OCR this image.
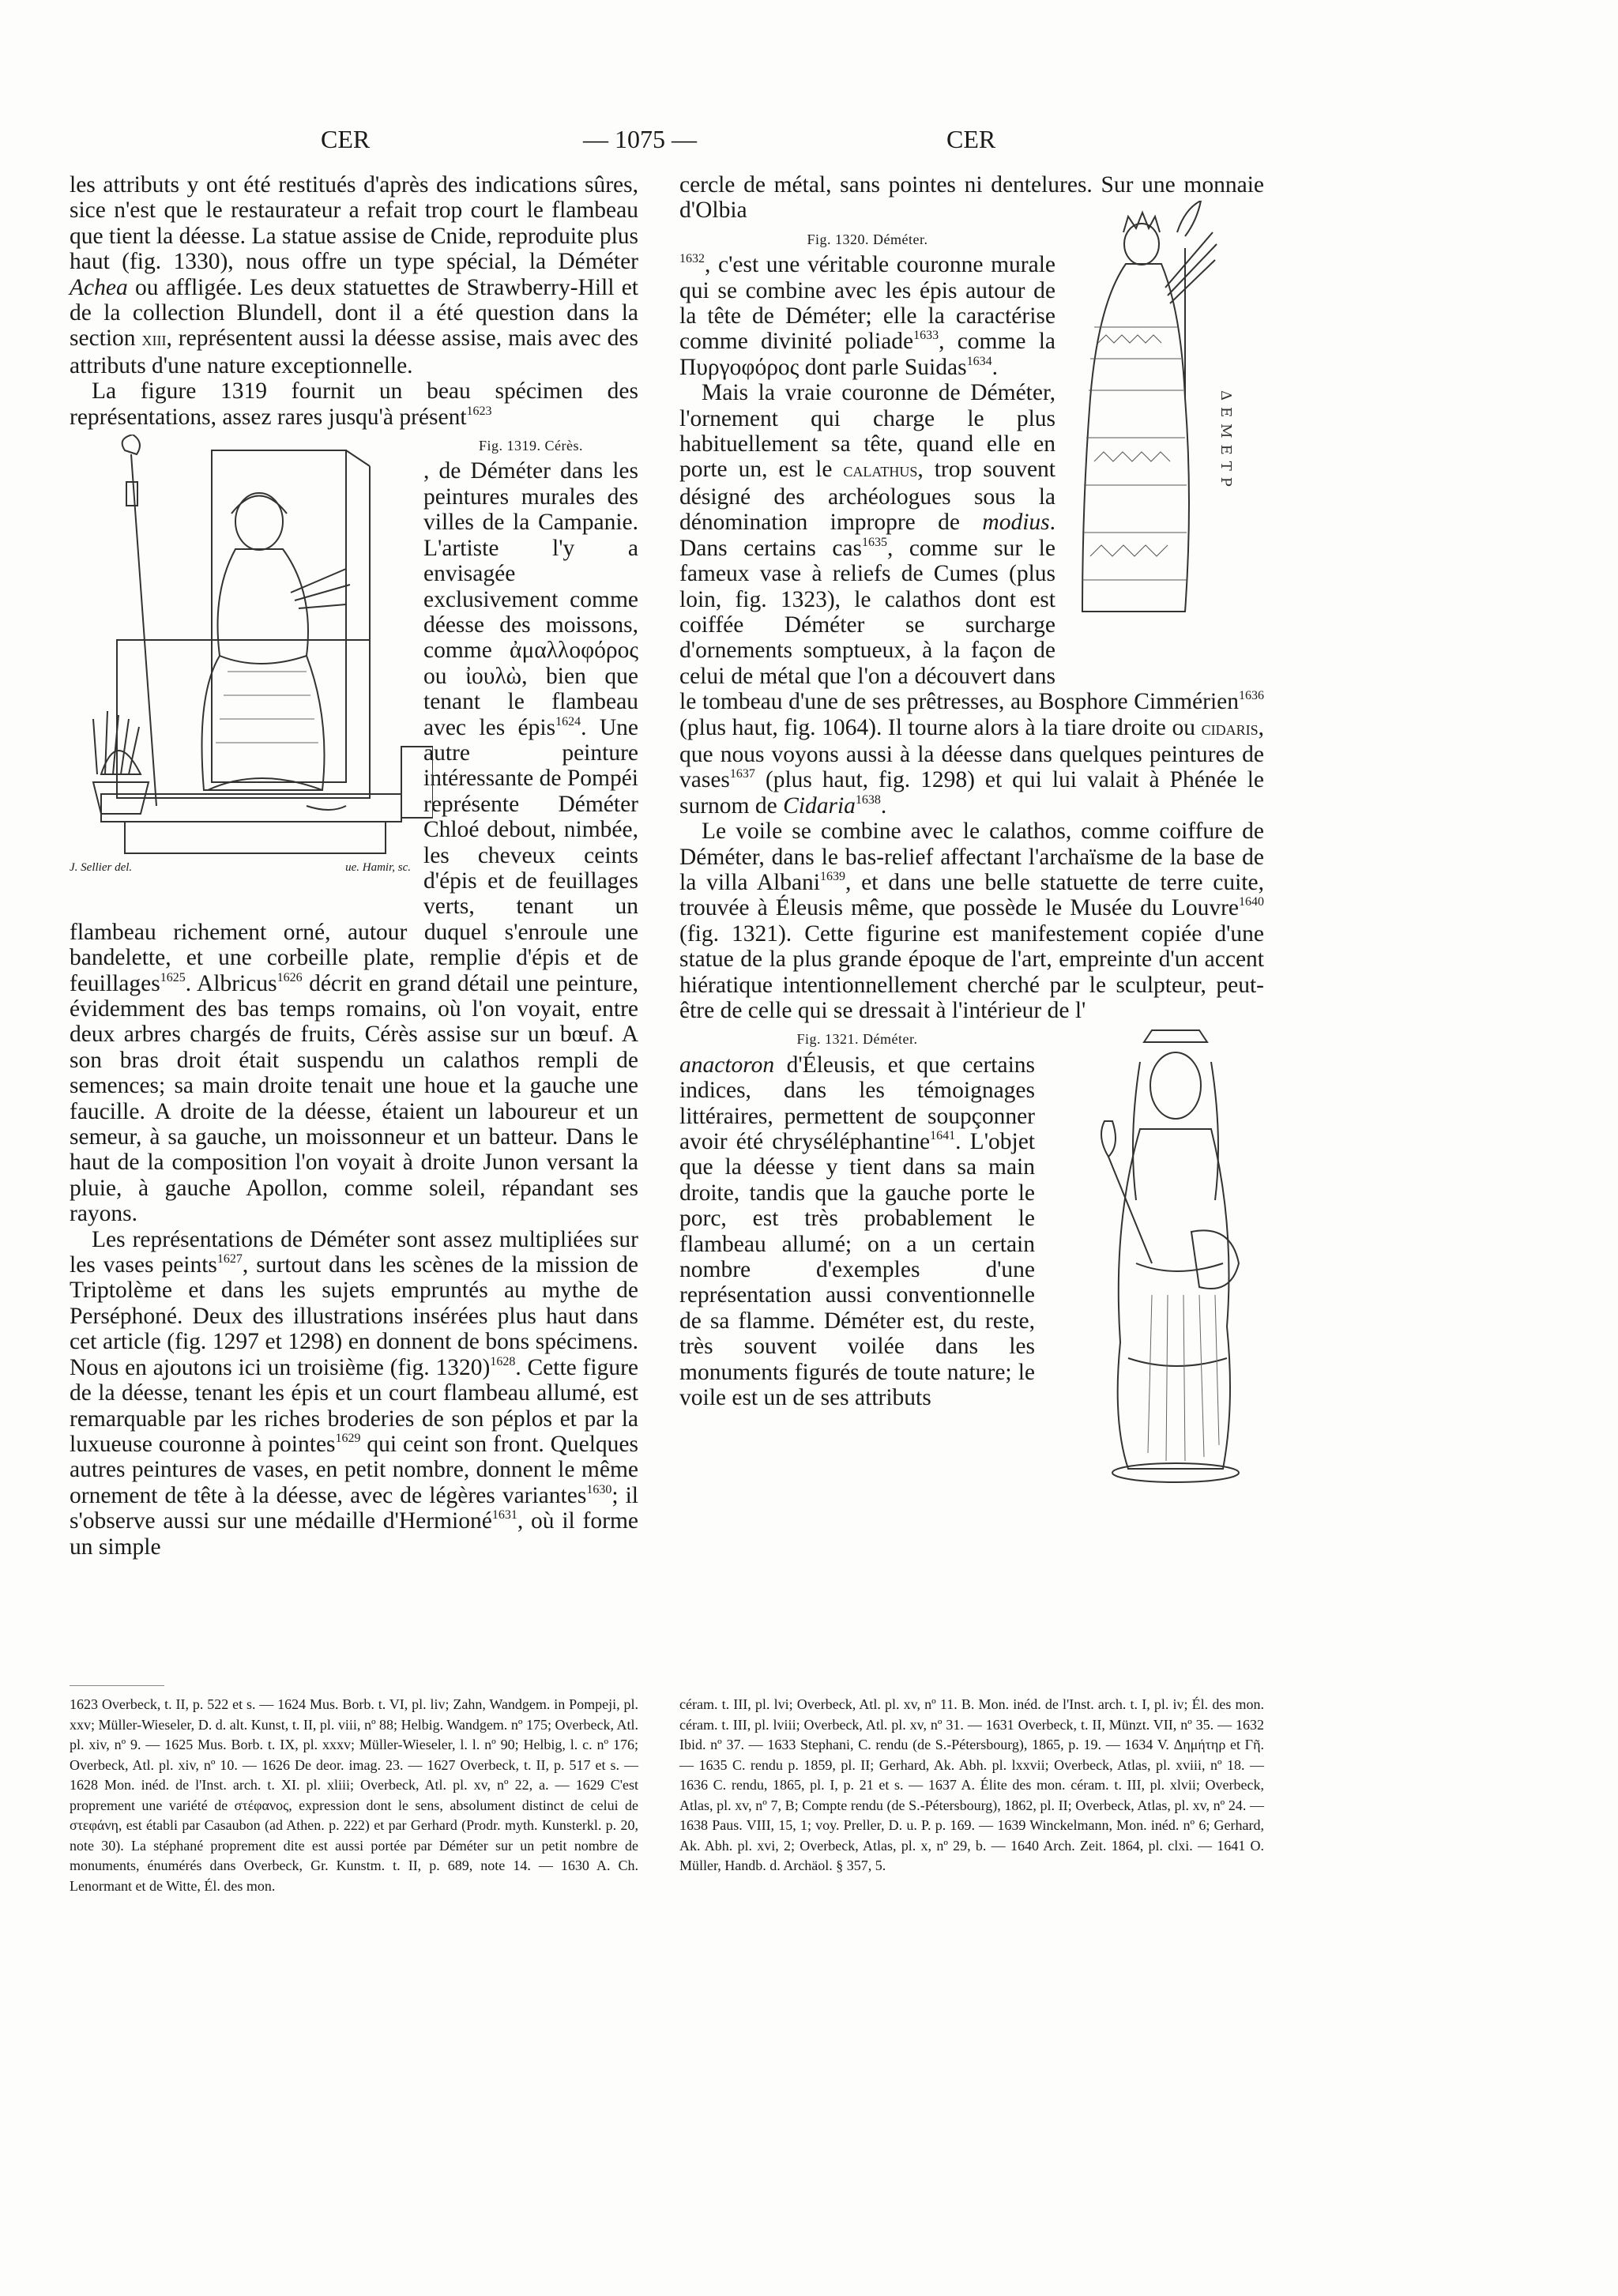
CER	— 1075 —	CER

les attributs y ont été restitués d'après des indications sûres, sice n'est que le restaurateur a refait trop court le flambeau que tient la déesse. La statue assise de Cnide, reproduite plus haut (fig. 1330), nous offre un type spécial, la Déméter Achea ou affligée. Les deux statuettes de Strawberry-Hill et de la collection Blundell, dont il a été question dans la section xiii, représentent aussi la déesse assise, mais avec des attributs d'une nature exceptionnelle.

La figure 1319 fournit un beau spécimen des représentations, assez rares jusqu'à présent$^{1623}$
J. Sellier del.	ue. Hamir, sc.

Fig. 1319. Cérès.
, de Déméter dans les peintures murales des villes de la Campanie. L'artiste l'y a envisagée exclusivement comme déesse des moissons, comme ἀμαλλοφόρος ou ἰουλὼ, bien que tenant le flambeau avec les épis$^{1624}$. Une autre peinture intéressante de Pompéi représente Déméter Chloé debout, nimbée, les cheveux ceints d'épis et de feuillages verts, tenant un flambeau richement orné, autour duquel s'enroule une bandelette, et une corbeille plate, remplie d'épis et de feuillages$^{1625}$. Albricus$^{1626}$ décrit en grand détail une peinture, évidemment des bas temps romains, où l'on voyait, entre deux arbres chargés de fruits, Cérès assise sur un bœuf. A son bras droit était suspendu un calathos rempli de semences; sa main droite tenait une houe et la gauche une faucille. A droite de la déesse, étaient un laboureur et un semeur, à sa gauche, un moissonneur et un batteur. Dans le haut de la composition l'on voyait à droite Junon versant la pluie, à gauche Apollon, comme soleil, répandant ses rayons.

Les représentations de Déméter sont assez multipliées sur les vases peints$^{1627}$, surtout dans les scènes de la mission de Triptolème et dans les sujets empruntés au mythe de Perséphoné. Deux des illustrations insérées plus haut dans cet article (fig. 1297 et 1298) en donnent de bons spécimens. Nous en ajoutons ici un troisième (fig. 1320)$^{1628}$. Cette figure de la déesse, tenant les épis et un court flambeau allumé, est remarquable par les riches broderies de son péplos et par la luxueuse couronne à pointes$^{1629}$ qui ceint son front. Quelques autres peintures de vases, en petit nombre, donnent le même ornement de tête à la déesse, avec de légères variantes$^{1630}$; il s'observe aussi sur une médaille d'Hermioné$^{1631}$, où il forme un simple

cercle de métal, sans pointes ni dentelures. Sur une monnaie d'Olbia
ΔΕΜΕΤΡ

Fig. 1320. Déméter.
$^{1632}$, c'est une véritable couronne murale qui se combine avec les épis autour de la tête de Déméter; elle la caractérise comme divinité poliade$^{1633}$, comme la Πυργοφόρος dont parle Suidas$^{1634}$.

Mais la vraie couronne de Déméter, l'ornement qui charge le plus habituellement sa tête, quand elle en porte un, est le calathus, trop souvent désigné des archéologues sous la dénomination impropre de modius. Dans certains cas$^{1635}$, comme sur le fameux vase à reliefs de Cumes (plus loin, fig. 1323), le calathos dont est coiffée Déméter se surcharge d'ornements somptueux, à la façon de celui de métal que l'on a découvert dans le tombeau d'une de ses prêtresses, au Bosphore Cimmérien$^{1636}$ (plus haut, fig. 1064). Il tourne alors à la tiare droite ou cidaris, que nous voyons aussi à la déesse dans quelques peintures de vases$^{1637}$ (plus haut, fig. 1298) et qui lui valait à Phénée le surnom de Cidaria$^{1638}$.

Le voile se combine avec le calathos, comme coiffure de Déméter, dans le bas-relief affectant l'archaïsme de la base de la villa Albani$^{1639}$, et dans une belle statuette de terre cuite, trouvée à Éleusis même, que possède le Musée du Louvre$^{1640}$ (fig. 1321). Cette figurine est manifestement copiée d'une statue de la plus grande époque de l'art, empreinte d'un accent hiératique intentionnellement cherché par le sculpteur, peut-être de celle qui se dressait à l'intérieur de l'

Fig. 1321. Déméter.
anactoron d'Éleusis, et que certains indices, dans les témoignages littéraires, permettent de soupçonner avoir été chryséléphantine$^{1641}$. L'objet que la déesse y tient dans sa main droite, tandis que la gauche porte le porc, est très probablement le flambeau allumé; on a un certain nombre d'exemples d'une représentation aussi conventionnelle de sa flamme. Déméter est, du reste, très souvent voilée dans les monuments figurés de toute nature; le voile est un de ses attributs

1623 Overbeck, t. II, p. 522 et s. — 1624 Mus. Borb. t. VI, pl. liv; Zahn, Wandgem. in Pompeji, pl. xxv; Müller-Wieseler, D. d. alt. Kunst, t. II, pl. viii, nº 88; Helbig. Wandgem. nº 175; Overbeck, Atl. pl. xiv, nº 9. — 1625 Mus. Borb. t. IX, pl. xxxv; Müller-Wieseler, l. l. nº 90; Helbig, l. c. nº 176; Overbeck, Atl. pl. xiv, nº 10. — 1626 De deor. imag. 23. — 1627 Overbeck, t. II, p. 517 et s. — 1628 Mon. inéd. de l'Inst. arch. t. XI. pl. xliii; Overbeck, Atl. pl. xv, nº 22, a. — 1629 C'est proprement une variété de στέφανος, expression dont le sens, absolument distinct de celui de στεφάνη, est établi par Casaubon (ad Athen. p. 222) et par Gerhard (Prodr. myth. Kunsterkl. p. 20, note 30). La stéphané proprement dite est aussi portée par Déméter sur un petit nombre de monuments, énumérés dans Overbeck, Gr. Kunstm. t. II, p. 689, note 14. — 1630 A. Ch. Lenormant et de Witte, Él. des mon.
céram. t. III, pl. lvi; Overbeck, Atl. pl. xv, nº 11. B. Mon. inéd. de l'Inst. arch. t. I, pl. iv; Él. des mon. céram. t. III, pl. lviii; Overbeck, Atl. pl. xv, nº 31. — 1631 Overbeck, t. II, Münzt. VII, nº 35. — 1632 Ibid. nº 37. — 1633 Stephani, C. rendu (de S.-Pétersbourg), 1865, p. 19. — 1634 V. Δημήτηρ et Γῆ. — 1635 C. rendu p. 1859, pl. II; Gerhard, Ak. Abh. pl. lxxvii; Overbeck, Atlas, pl. xviii, nº 18. — 1636 C. rendu, 1865, pl. I, p. 21 et s. — 1637 A. Élite des mon. céram. t. III, pl. xlvii; Overbeck, Atlas, pl. xv, nº 7, B; Compte rendu (de S.-Pétersbourg), 1862, pl. II; Overbeck, Atlas, pl. xv, nº 24. — 1638 Paus. VIII, 15, 1; voy. Preller, D. u. P. p. 169. — 1639 Winckelmann, Mon. inéd. nº 6; Gerhard, Ak. Abh. pl. xvi, 2; Overbeck, Atlas, pl. x, nº 29, b. — 1640 Arch. Zeit. 1864, pl. clxi. — 1641 O. Müller, Handb. d. Archäol. § 357, 5.
